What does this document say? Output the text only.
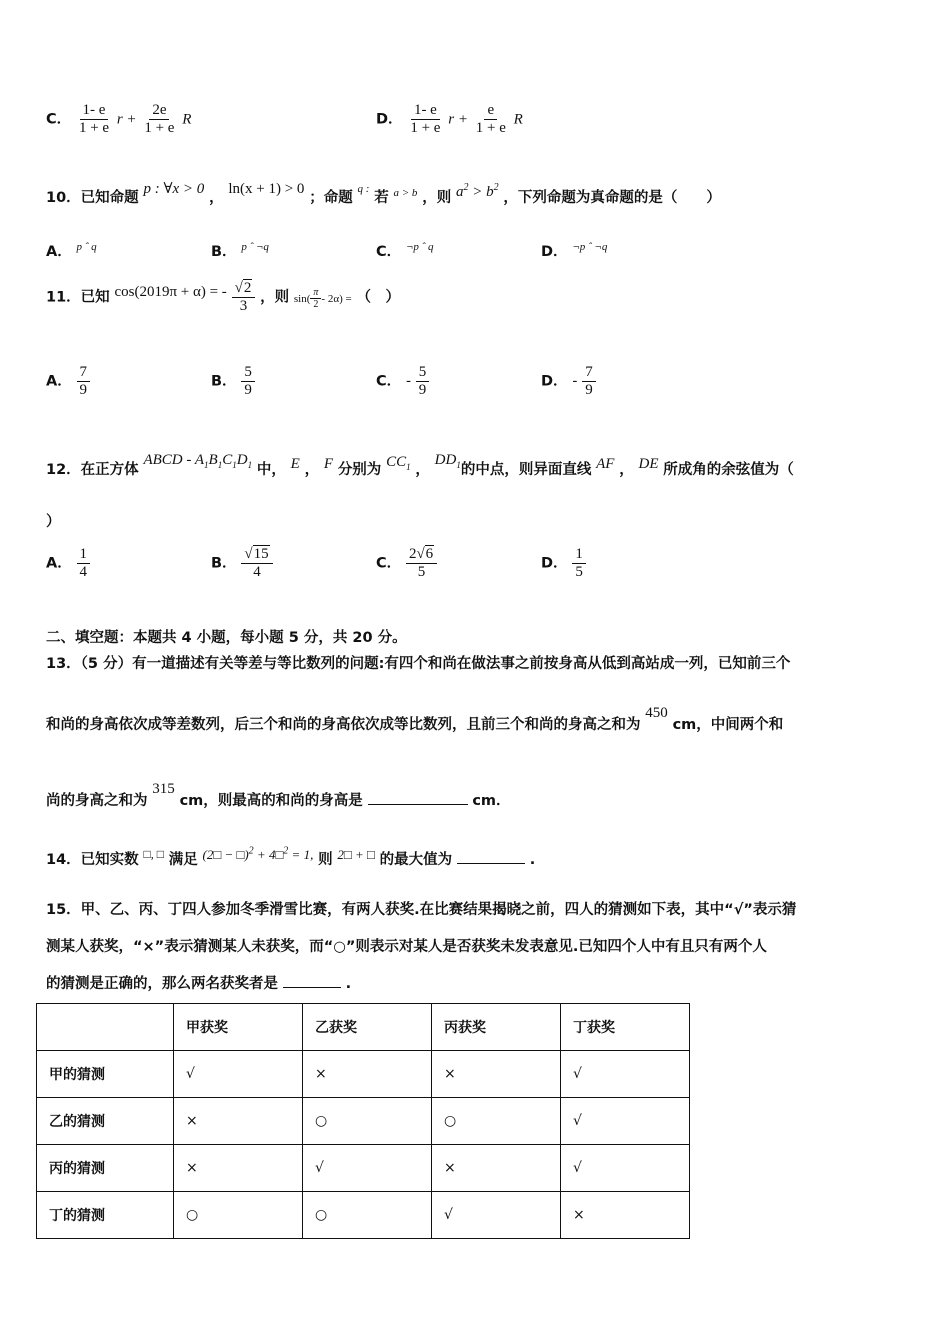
C． $\frac{1- e}{1 + e}$ $r + \frac{2e}{1 + e}$ R	D． $\frac{1- e}{1 + e}$ $r + \frac{e}{1 + e}$ R
10．已知命题 p : ∀x > 0 ， ln(x + 1) > 0 ；命题 $^{q :}$ 若 $^{a > b}$ ，则 $a^2 > b^2$ ，下列命题为真命题的是（　　）
A． $^{p ˆ q}$	B． $^{p ˆ \neg q}$	C． $^{\neg p ˆ q}$	D． $^{\neg p ˆ \neg q}$
11．已知 cos(2019π + α) = - $\frac{√2}{3}$ ，则 $\sin( \frac{\pi}{2} - 2\alpha)$ = （　）
A． $\frac{7}{9}$	B． $\frac{5}{9}$	C． - $\frac{5}{9}$	D． - $\frac{7}{9}$
12．在正方体 ABCD - $A_1B_1C_1D_1$ 中， E ， F 分别为 $CC_1$ ， $DD_1$的中点，则异面直线 AF ， DE 所成角的余弦值为（
）
A． $\frac{1}{4}$	B． $\frac{√15}{4}$	C． $\frac{2√6}{5}$	D． $\frac{1}{5}$
二、填空题：本题共 4 小题，每小题 5 分，共 20 分。
13．（5 分）有一道描述有关等差与等比数列的问题:有四个和尚在做法事之前按身高从低到高站成一列，已知前三个
和尚的身高依次成等差数列，后三个和尚的身高依次成等比数列，且前三个和尚的身高之和为 450 cm，中间两个和
尚的身高之和为 315 cm，则最高的和尚的身高是	cm．
14．已知实数 □, □ 满足 (2□ − □)$^2$ + 4□$^2$ = 1, 则 2□ + □ 的最大值为	.
15．甲、乙、丙、丁四人参加冬季滑雪比赛，有两人获奖.在比赛结果揭晓之前，四人的猜测如下表，其中“√”表示猜
测某人获奖，“×”表示猜测某人未获奖，而“○”则表示对某人是否获奖未发表意见.已知四个人中有且只有两个人
的猜测是正确的，那么两名获奖者是	.
	甲获奖	乙获奖	丙获奖	丁获奖
甲的猜测	√	×	×	√
乙的猜测	×	○	○	√
丙的猜测	×	√	×	√
丁的猜测	○	○	√	×
